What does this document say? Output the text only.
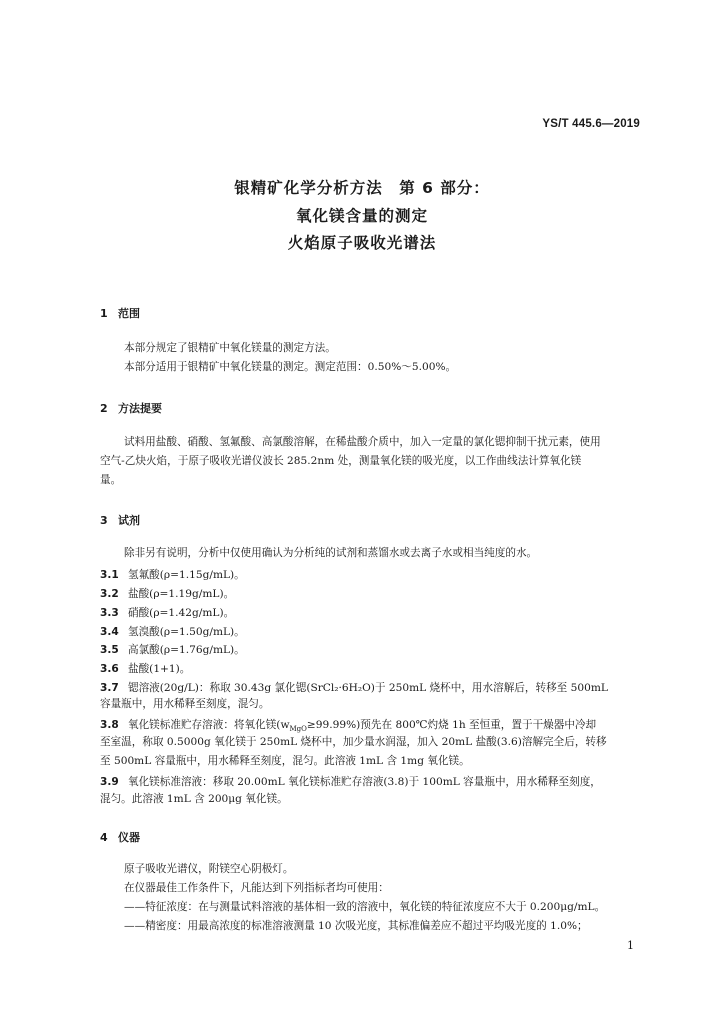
YS/T 445.6—2019
银精矿化学分析方法　第 6 部分：
氧化镁含量的测定
火焰原子吸收光谱法
1 范围
本部分规定了银精矿中氧化镁量的测定方法。
本部分适用于银精矿中氧化镁量的测定。测定范围：0.50%～5.00%。
2 方法提要
试料用盐酸、硝酸、氢氟酸、高氯酸溶解，在稀盐酸介质中，加入一定量的氯化锶抑制干扰元素，使用
空气-乙炔火焰，于原子吸收光谱仪波长 285.2nm 处，测量氧化镁的吸光度，以工作曲线法计算氧化镁
量。
3 试剂
除非另有说明，分析中仅使用确认为分析纯的试剂和蒸馏水或去离子水或相当纯度的水。
3.1 氢氟酸(ρ=1.15g/mL)。
3.2 盐酸(ρ=1.19g/mL)。
3.3 硝酸(ρ=1.42g/mL)。
3.4 氢溴酸(ρ=1.50g/mL)。
3.5 高氯酸(ρ=1.76g/mL)。
3.6 盐酸(1+1)。
3.7 锶溶液(20g/L)：称取 30.43g 氯化锶(SrCl₂·6H₂O)于 250mL 烧杯中，用水溶解后，转移至 500mL
容量瓶中，用水稀释至刻度，混匀。
3.8 氧化镁标准贮存溶液：将氧化镁$(w_{MgO}\ge 99.99\%)$预先在 800℃灼烧 1h 至恒重，置于干燥器中冷却
至室温，称取 0.5000g 氧化镁于 250mL 烧杯中，加少量水润湿，加入 20mL 盐酸(3.6)溶解完全后，转移
至 500mL 容量瓶中，用水稀释至刻度，混匀。此溶液 1mL 含 1mg 氧化镁。
3.9 氧化镁标准溶液：移取 20.00mL 氧化镁标准贮存溶液(3.8)于 100mL 容量瓶中，用水稀释至刻度，
混匀。此溶液 1mL 含 200μg 氧化镁。
4 仪器
原子吸收光谱仪，附镁空心阴极灯。
在仪器最佳工作条件下，凡能达到下列指标者均可使用：
——特征浓度：在与测量试料溶液的基体相一致的溶液中，氧化镁的特征浓度应不大于 0.200μg/mL。
——精密度：用最高浓度的标准溶液测量 10 次吸光度，其标准偏差应不超过平均吸光度的 1.0%；
1
